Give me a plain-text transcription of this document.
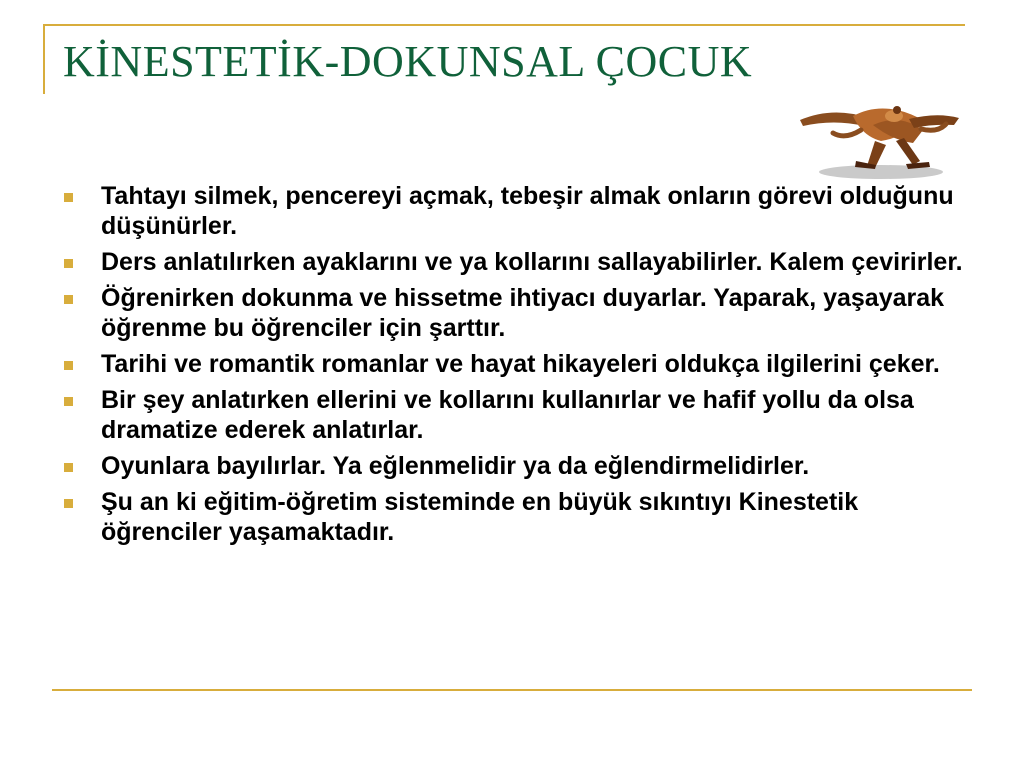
KİNESTETİK-DOKUNSAL ÇOCUK
Tahtayı silmek, pencereyi açmak, tebeşir almak onların görevi olduğunu düşünürler.
Ders anlatılırken ayaklarını ve ya kollarını sallayabilirler. Kalem çevirirler.
Öğrenirken dokunma ve hissetme ihtiyacı duyarlar. Yaparak, yaşayarak öğrenme bu öğrenciler için şarttır.
Tarihi ve romantik romanlar ve hayat hikayeleri oldukça ilgilerini çeker.
Bir şey anlatırken ellerini ve kollarını kullanırlar ve hafif yollu da olsa dramatize ederek anlatırlar.
Oyunlara bayılırlar. Ya eğlenmelidir ya da eğlendirmelidirler.
Şu an ki eğitim-öğretim sisteminde en büyük sıkıntıyı Kinestetik öğrenciler yaşamaktadır.
